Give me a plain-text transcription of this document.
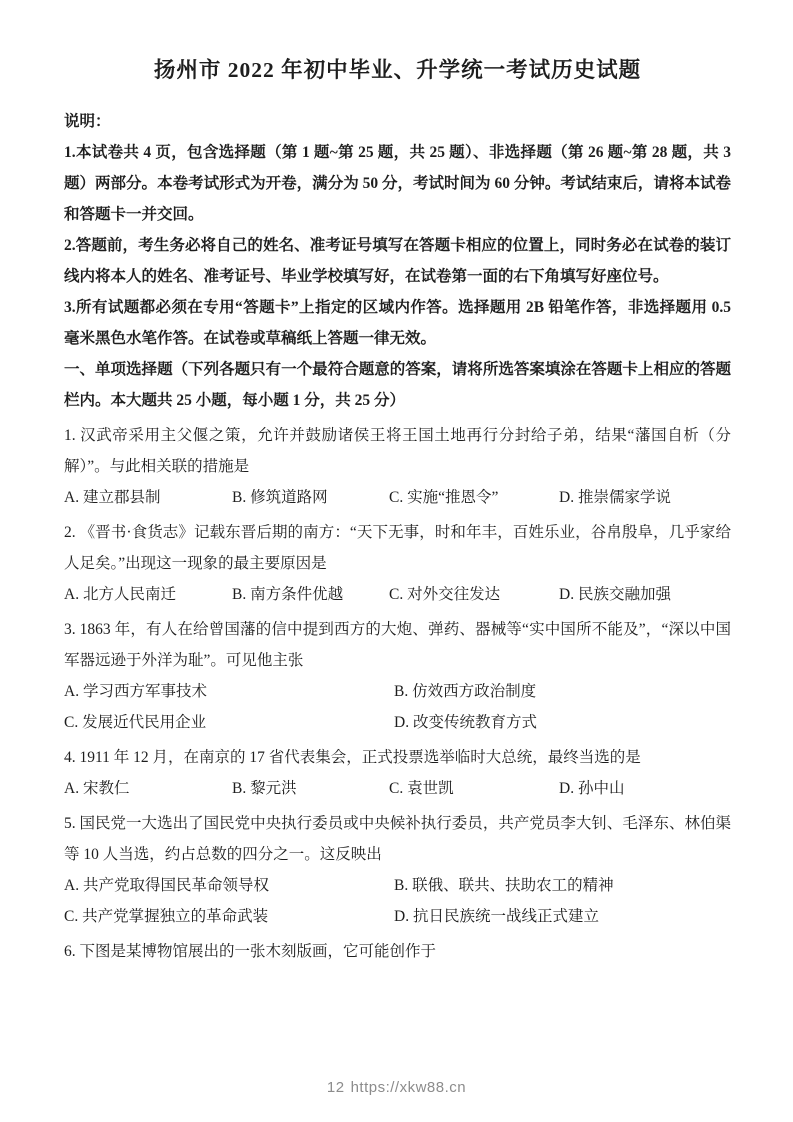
扬州市 2022 年初中毕业、升学统一考试历史试题

说明：

1.本试卷共 4 页，包含选择题（第 1 题~第 25 题，共 25 题）、非选择题（第 26 题~第 28 题，共 3 题）两部分。本卷考试形式为开卷，满分为 50 分，考试时间为 60 分钟。考试结束后，请将本试卷和答题卡一并交回。

2.答题前，考生务必将自己的姓名、准考证号填写在答题卡相应的位置上，同时务必在试卷的装订线内将本人的姓名、准考证号、毕业学校填写好，在试卷第一面的右下角填写好座位号。

3.所有试题都必须在专用“答题卡”上指定的区域内作答。选择题用 2B 铅笔作答，非选择题用 0.5 毫米黑色水笔作答。在试卷或草稿纸上答题一律无效。

一、单项选择题（下列各题只有一个最符合题意的答案，请将所选答案填涂在答题卡上相应的答题栏内。本大题共 25 小题，每小题 1 分，共 25 分）

1. 汉武帝采用主父偃之策，允许并鼓励诸侯王将王国土地再行分封给子弟，结果“藩国自析（分解）”。与此相关联的措施是

A. 建立郡县制	B. 修筑道路网	C. 实施“推恩令”	D. 推崇儒家学说

2. 《晋书·食货志》记载东晋后期的南方：“天下无事，时和年丰，百姓乐业，谷帛殷阜，几乎家给人足矣。”出现这一现象的最主要原因是

A. 北方人民南迁	B. 南方条件优越	C. 对外交往发达	D. 民族交融加强

3. 1863 年，有人在给曾国藩的信中提到西方的大炮、弹药、器械等“实中国所不能及”，“深以中国军器远逊于外洋为耻”。可见他主张

A. 学习西方军事技术	B. 仿效西方政治制度
C. 发展近代民用企业	D. 改变传统教育方式

4. 1911 年 12 月，在南京的 17 省代表集会，正式投票选举临时大总统，最终当选的是

A. 宋教仁	B. 黎元洪	C. 袁世凯	D. 孙中山

5. 国民党一大选出了国民党中央执行委员或中央候补执行委员，共产党员李大钊、毛泽东、林伯渠等 10 人当选，约占总数的四分之一。这反映出

A. 共产党取得国民革命领导权	B. 联俄、联共、扶助农工的精神
C. 共产党掌握独立的革命武装	D. 抗日民族统一战线正式建立

6. 下图是某博物馆展出的一张木刻版画，它可能创作于

12 https://xkw88.cn
